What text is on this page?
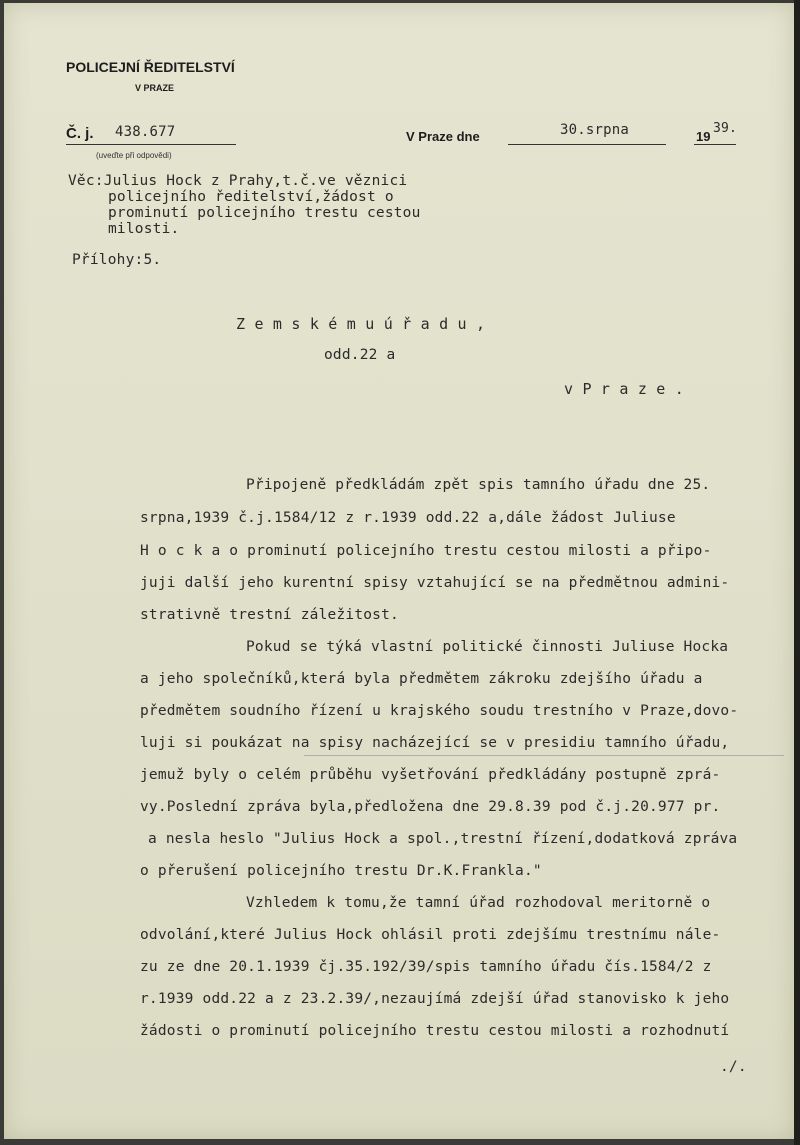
POLICEJNÍ ŘEDITELSTVÍ
V PRAZE
Č. j. 438.677
(uveďte při odpovědi)
V Praze dne	30.srpna	19
39.
Věc:Julius Hock z Prahy,t.č.ve věznici
policejního ředitelství,žádost o
prominutí policejního trestu cestou
milosti.
Přílohy:5.
Z e m s k é m u ú ř a d u ,
odd.22 a
v P r a z e .
Připojeně předkládám zpět spis tamního úřadu dne 25.
srpna,1939 č.j.1584/12 z r.1939 odd.22 a,dále žádost Juliuse
H o c k a o prominutí policejního trestu cestou milosti a připo-
juji další jeho kurentní spisy vztahující se na předmětnou admini-
strativně trestní záležitost.
Pokud se týká vlastní politické činnosti Juliuse Hocka
a jeho společníků,která byla předmětem zákroku zdejšího úřadu a
předmětem soudního řízení u krajského soudu trestního v Praze,dovo-
luji si poukázat na spisy nacházející se v presidiu tamního úřadu,
jemuž byly o celém průběhu vyšetřování předkládány postupně zprá-
vy.Poslední zpráva byla,předložena dne 29.8.39 pod č.j.20.977 pr.
a nesla heslo "Julius Hock a spol.,trestní řízení,dodatková zpráva
o přerušení policejního trestu Dr.K.Frankla."
Vzhledem k tomu,že tamní úřad rozhodoval meritorně o
odvolání,které Julius Hock ohlásil proti zdejšímu trestnímu nále-
zu ze dne 20.1.1939 čj.35.192/39/spis tamního úřadu čís.1584/2 z
r.1939 odd.22 a z 23.2.39/,nezaujímá zdejší úřad stanovisko k jeho
žádosti o prominutí policejního trestu cestou milosti a rozhodnutí
./.
